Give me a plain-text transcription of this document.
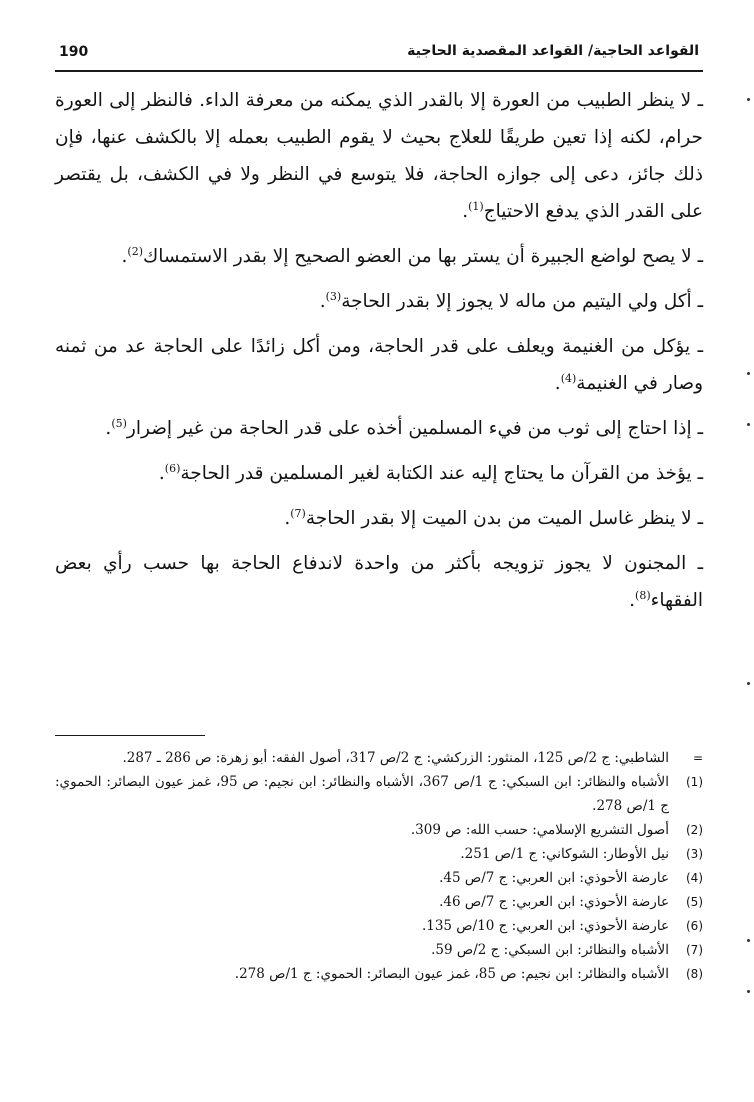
190	القواعد الحاجية/ القواعد المقصدية الحاجية

ـ لا ينظر الطبيب من العورة إلا بالقدر الذي يمكنه من معرفة الداء. فالنظر إلى العورة حرام، لكنه إذا تعين طريقًا للعلاج بحيث لا يقوم الطبيب بعمله إلا بالكشف عنها، فإن ذلك جائز، دعى إلى جوازه الحاجة، فلا يتوسع في النظر ولا في الكشف، بل يقتصر على القدر الذي يدفع الاحتياج$^{(1)}$.

ـ لا يصح لواضع الجبيرة أن يستر بها من العضو الصحيح إلا بقدر الاستمساك$^{(2)}$.

ـ أكل ولي اليتيم من ماله لا يجوز إلا بقدر الحاجة$^{(3)}$.

ـ يؤكل من الغنيمة ويعلف على قدر الحاجة، ومن أكل زائدًا على الحاجة عد من ثمنه وصار في الغنيمة$^{(4)}$.

ـ إذا احتاج إلى ثوب من فيء المسلمين أخذه على قدر الحاجة من غير إضرار$^{(5)}$.

ـ يؤخذ من القرآن ما يحتاج إليه عند الكتابة لغير المسلمين قدر الحاجة$^{(6)}$.

ـ لا ينظر غاسل الميت من بدن الميت إلا بقدر الحاجة$^{(7)}$.

ـ المجنون لا يجوز تزويجه بأكثر من واحدة لاندفاع الحاجة بها حسب رأي بعض الفقهاء$^{(8)}$.

=
الشاطبي: ج 2/ص 125، المنثور: الزركشي: ج 2/ص 317، أصول الفقه: أبو زهرة: ص 286 ـ 287.
(1)
الأشباه والنظائر: ابن السبكي: ج 1/ص 367، الأشباه والنظائر: ابن نجيم: ص 95، غمز عيون البصائر: الحموي: ج 1/ص 278.
(2)
أصول التشريع الإسلامي: حسب الله: ص 309.
(3)
نيل الأوطار: الشوكاني: ج 1/ص 251.
(4)
عارضة الأحوذي: ابن العربي: ج 7/ص 45.
(5)
عارضة الأحوذي: ابن العربي: ج 7/ص 46.
(6)
عارضة الأحوذي: ابن العربي: ج 10/ص 135.
(7)
الأشباه والنظائر: ابن السبكي: ج 2/ص 59.
(8)
الأشباه والنظائر: ابن نجيم: ص 85، غمز عيون البصائر: الحموي: ج 1/ص 278.
